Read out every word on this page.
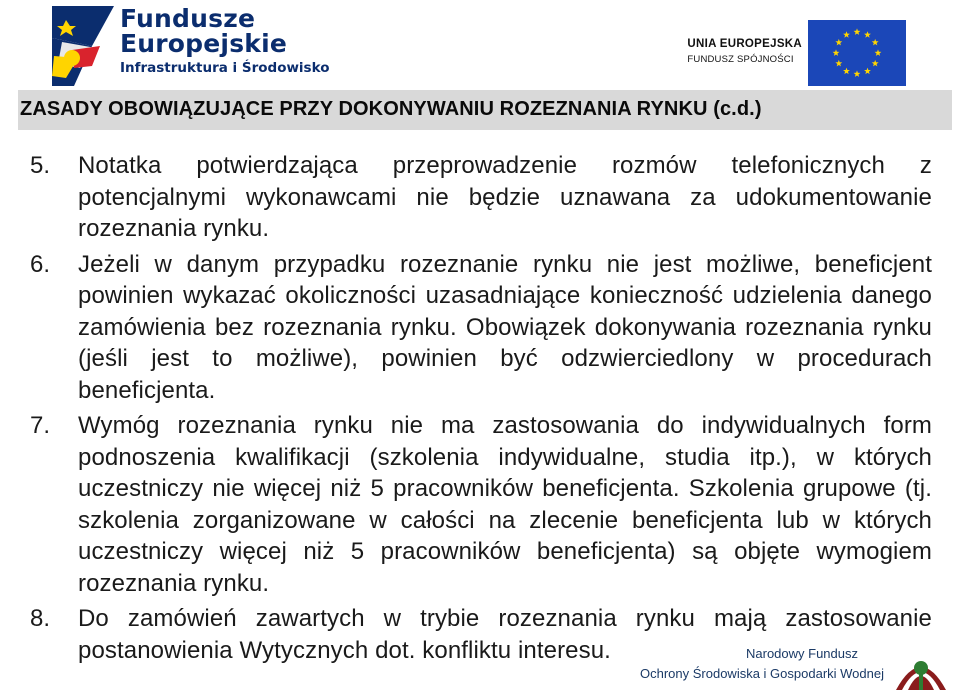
Fundusze
Europejskie
Infrastruktura i Środowisko
UNIA EUROPEJSKA
FUNDUSZ SPÓJNOŚCI
ZASADY OBOWIĄZUJĄCE PRZY DOKONYWANIU ROZEZNANIA RYNKU (c.d.)
5. Notatka potwierdzająca przeprowadzenie rozmów telefonicznych z potencjalnymi wykonawcami nie będzie uznawana za udokumentowanie rozeznania rynku.
6. Jeżeli w danym przypadku rozeznanie rynku nie jest możliwe, beneficjent powinien wykazać okoliczności uzasadniające konieczność udzielenia danego zamówienia bez rozeznania rynku. Obowiązek dokonywania rozeznania rynku (jeśli jest to możliwe), powinien być odzwierciedlony w procedurach beneficjenta.
7. Wymóg rozeznania rynku nie ma zastosowania do indywidualnych form podnoszenia kwalifikacji (szkolenia indywidualne, studia itp.), w których uczestniczy nie więcej niż 5 pracowników beneficjenta. Szkolenia grupowe (tj. szkolenia zorganizowane w całości na zlecenie beneficjenta lub w których uczestniczy więcej niż 5 pracowników beneficjenta) są objęte wymogiem rozeznania rynku.
8. Do zamówień zawartych w trybie rozeznania rynku mają zastosowanie postanowienia Wytycznych dot. konfliktu interesu.	Narodowy Fundusz
Ochrony Środowiska i Gospodarki Wodnej
